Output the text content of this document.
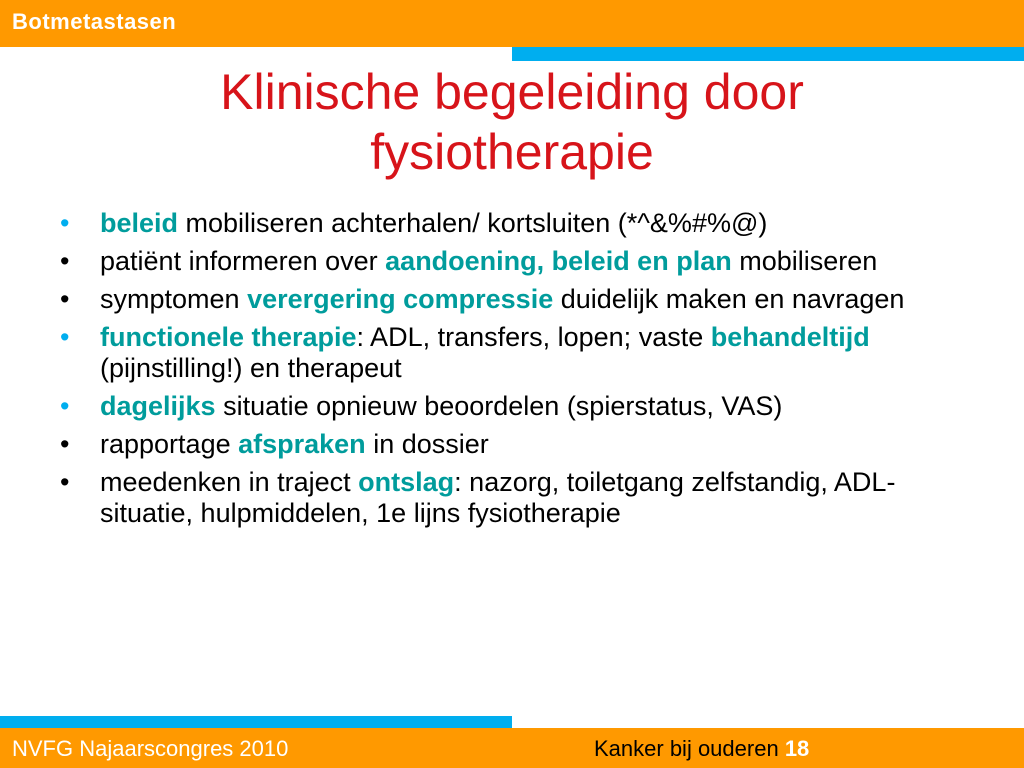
Botmetastasen
Klinische begeleiding door
fysiotherapie
• beleid mobiliseren achterhalen/ kortsluiten (*^&%#%@)
• patiënt informeren over aandoening, beleid en plan mobiliseren
• symptomen verergering compressie duidelijk maken en navragen
• functionele therapie: ADL, transfers, lopen; vaste behandeltijd (pijnstilling!) en therapeut
• dagelijks situatie opnieuw beoordelen (spierstatus, VAS)
• rapportage afspraken in dossier
• meedenken in traject ontslag: nazorg, toiletgang zelfstandig, ADL-situatie, hulpmiddelen, 1e lijns fysiotherapie
NVFG Najaarscongres 2010	Kanker bij ouderen 18
